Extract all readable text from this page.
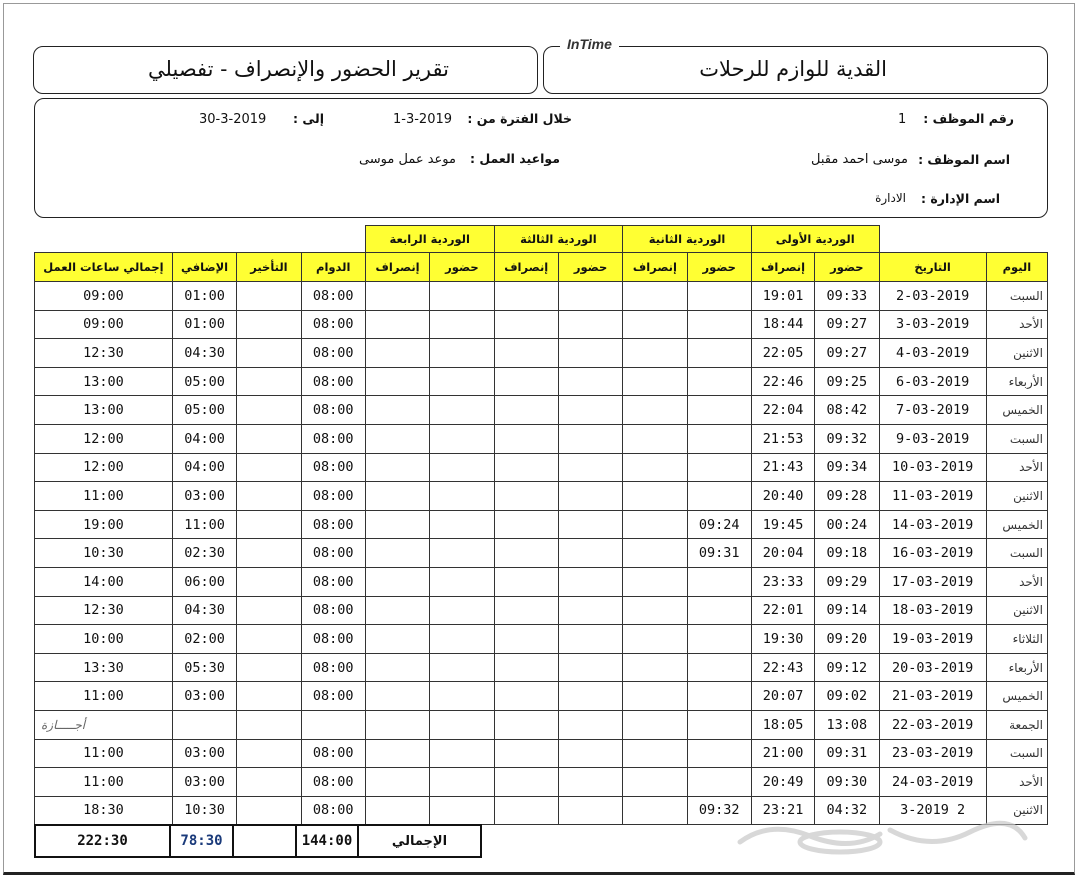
القدية للوازم للرحلات
InTime
تقرير الحضور والإنصراف - تفصيلي
رقم الموظف :
1
اسم الموظف :
موسى احمد مقبل
اسم الإدارة :
الادارة
خلال الفترة من :
1-3-2019
إلى :
30-3-2019
مواعيد العمل :
موعد عمل موسى
		الوردية الأولى		الوردية الثانية		الوردية الثالثة		الوردية الرابعة					
اليوم	التاريخ	حضور	إنصراف	حضور	إنصراف	حضور	إنصراف	حضور	إنصراف	الدوام	التأخير	الإضافي	إجمالي ساعات العمل
السبت	2-03-2019	09:33	19:01							08:00		01:00	09:00
الأحد	3-03-2019	09:27	18:44							08:00		01:00	09:00
الاثنين	4-03-2019	09:27	22:05							08:00		04:30	12:30
الأربعاء	6-03-2019	09:25	22:46							08:00		05:00	13:00
الخميس	7-03-2019	08:42	22:04							08:00		05:00	13:00
السبت	9-03-2019	09:32	21:53							08:00		04:00	12:00
الأحد	10-03-2019	09:34	21:43							08:00		04:00	12:00
الاثنين	11-03-2019	09:28	20:40							08:00		03:00	11:00
الخميس	14-03-2019	00:24	19:45	09:24						08:00		11:00	19:00
السبت	16-03-2019	09:18	20:04	09:31						08:00		02:30	10:30
الأحد	17-03-2019	09:29	23:33							08:00		06:00	14:00
الاثنين	18-03-2019	09:14	22:01							08:00		04:30	12:30
الثلاثاء	19-03-2019	09:20	19:30							08:00		02:00	10:00
الأربعاء	20-03-2019	09:12	22:43							08:00		05:30	13:30
الخميس	21-03-2019	09:02	20:07							08:00		03:00	11:00
الجمعة	22-03-2019	13:08	18:05										أجـــــازة
السبت	23-03-2019	09:31	21:00							08:00		03:00	11:00
الأحد	24-03-2019	09:30	20:49							08:00		03:00	11:00
الاثنين	2 3-2019	04:32	23:21	09:32						08:00		10:30	18:30
الإجمالي	144:00		78:30	222:30
